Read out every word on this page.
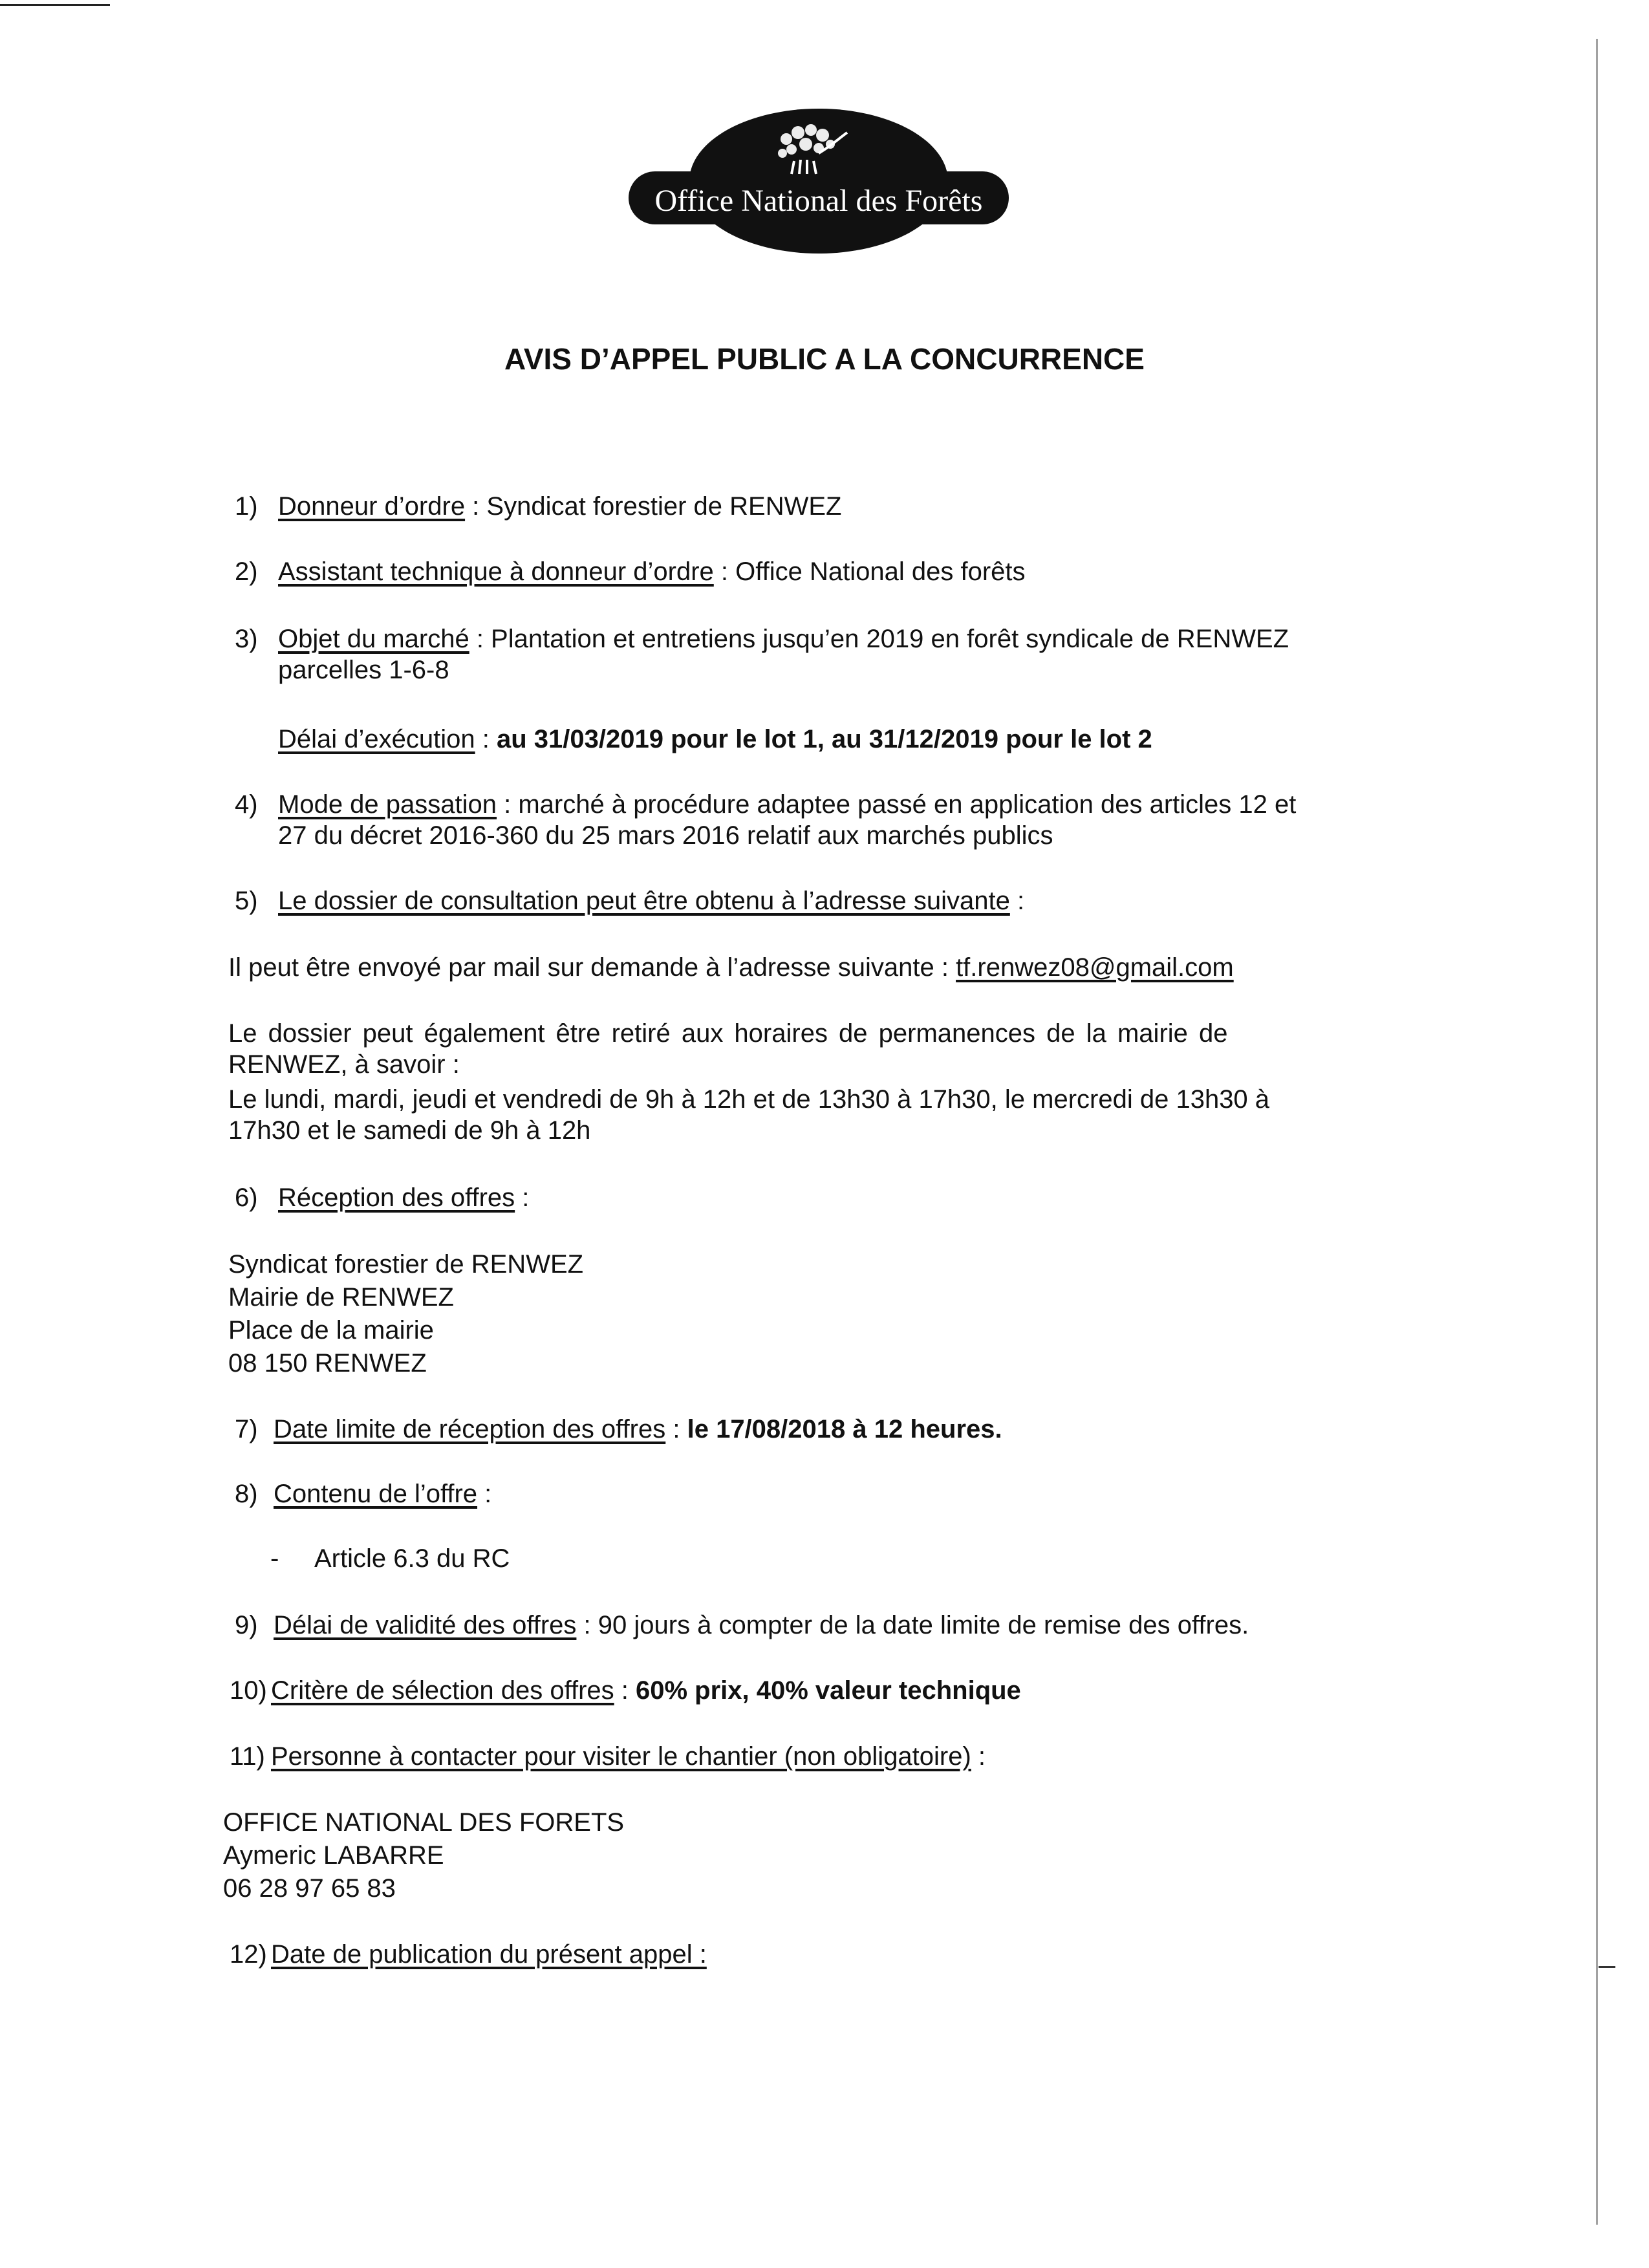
Office National des Forêts
AVIS D’APPEL PUBLIC A LA CONCURRENCE
1) Donneur d’ordre : Syndicat forestier de RENWEZ
2) Assistant technique à donneur d’ordre : Office National des forêts
3) Objet du marché : Plantation et entretiens jusqu’en 2019 en forêt syndicale de RENWEZ
parcelles 1-6-8
Délai d’exécution : au 31/03/2019 pour le lot 1, au 31/12/2019 pour le lot 2
4) Mode de passation : marché à procédure adaptee passé en application des articles 12 et
27 du décret 2016-360 du 25 mars 2016 relatif aux marchés publics
5) Le dossier de consultation peut être obtenu à l’adresse suivante :
Il peut être envoyé par mail sur demande à l’adresse suivante : tf.renwez08@gmail.com
Le dossier peut également être retiré aux horaires de permanences de la mairie de
RENWEZ, à savoir :
Le lundi, mardi, jeudi et vendredi de 9h à 12h et de 13h30 à 17h30, le mercredi de 13h30 à
17h30 et le samedi de 9h à 12h
6) Réception des offres :
Syndicat forestier de RENWEZ
Mairie de RENWEZ
Place de la mairie
08 150 RENWEZ
7) Date limite de réception des offres : le 17/08/2018 à 12 heures.
8) Contenu de l’offre :
- Article 6.3 du RC
9) Délai de validité des offres : 90 jours à compter de la date limite de remise des offres.
10) Critère de sélection des offres : 60% prix, 40% valeur technique
11) Personne à contacter pour visiter le chantier (non obligatoire) :
OFFICE NATIONAL DES FORETS
Aymeric LABARRE
06 28 97 65 83
12) Date de publication du présent appel :
